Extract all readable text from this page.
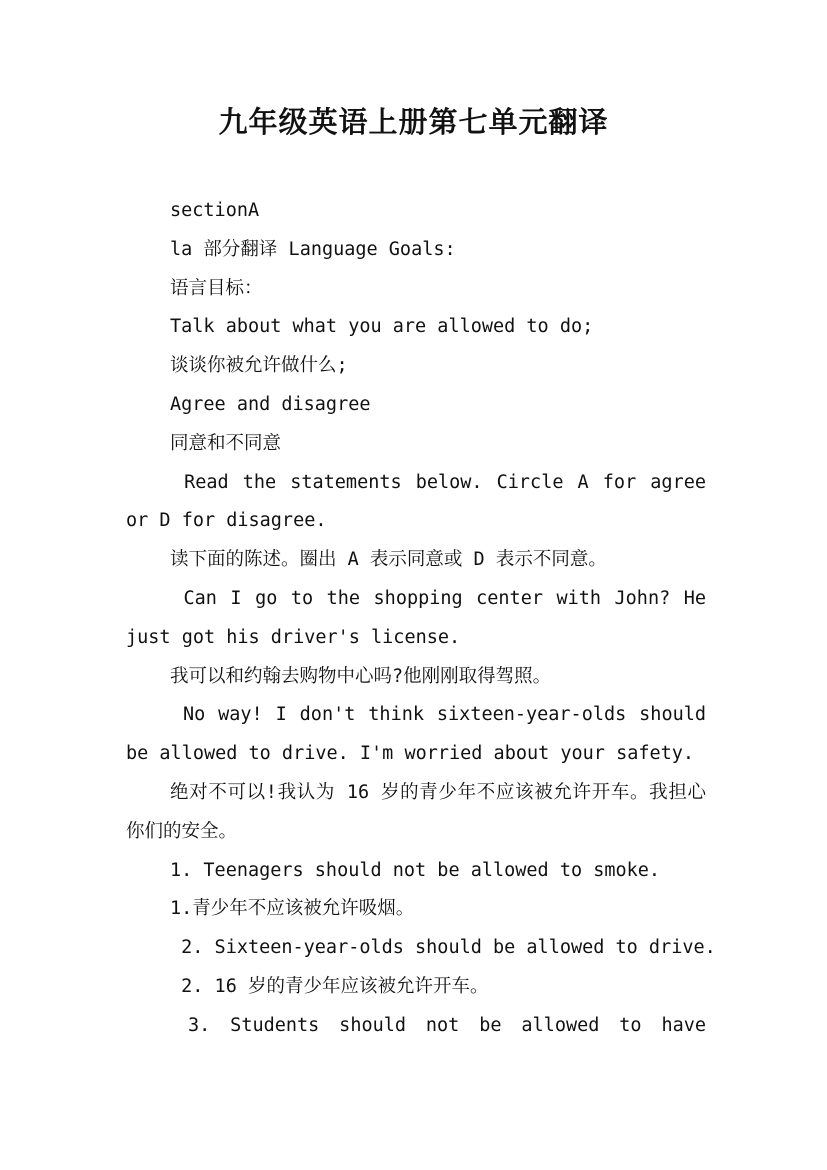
九年级英语上册第七单元翻译

sectionA

la 部分翻译 Language Goals:

语言目标：

Talk about what you are allowed to do;

谈谈你被允许做什么;

Agree and disagree

同意和不同意

Read the statements below. Circle A for agree or D for disagree.

读下面的陈述。圈出 A 表示同意或 D 表示不同意。

Can I go to the shopping center with John? He just got his driver's license.

我可以和约翰去购物中心吗?他刚刚取得驾照。

No way! I don't think sixteen-year-olds should be allowed to drive. I'm worried about your safety.

绝对不可以!我认为 16 岁的青少年不应该被允许开车。我担心你们的安全。

1. Teenagers should not be allowed to smoke.

1.青少年不应该被允许吸烟。

2. Sixteen-year-olds should be allowed to drive.

2. 16 岁的青少年应该被允许开车。

3. Students should not be allowed to have
